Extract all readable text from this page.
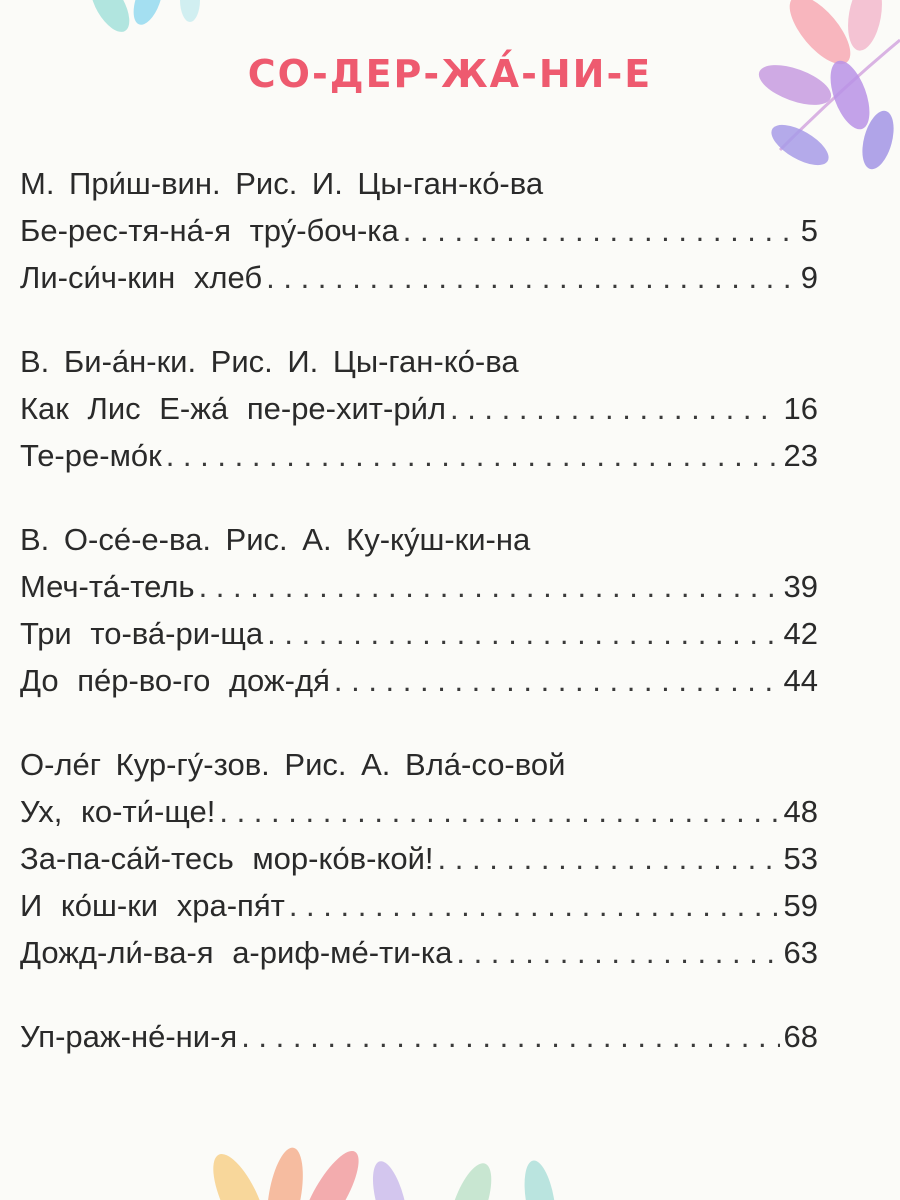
СО-ДЕР-ЖА́-НИ-Е
М. При́ш-вин. Рис. И. Цы-ган-ко́-ва
Бе-рес-тя-на́-я тру́-боч-ка . . .	5
Ли-си́ч-кин хлеб . . .	9
В. Би-а́н-ки. Рис. И. Цы-ган-ко́-ва
Как Лис Е-жа́ пе-ре-хит-ри́л . . .	16
Те-ре-мо́к . . .	23
В. О-се́-е-ва. Рис. А. Ку-ку́ш-ки-на
Меч-та́-тель . . .	39
Три то-ва́-ри-ща . . .	42
До пе́р-во-го дож-дя́ . . .	44
О-ле́г Кур-гу́-зов. Рис. А. Вла́-со-вой
Ух, ко-ти́-ще! . . .	48
За-па-са́й-тесь мор-ко́в-кой! . . .	53
И ко́ш-ки хра-пя́т . . .	59
Дожд-ли́-ва-я а-риф-ме́-ти-ка . . .	63
Уп-раж-не́-ни-я . . .	68
